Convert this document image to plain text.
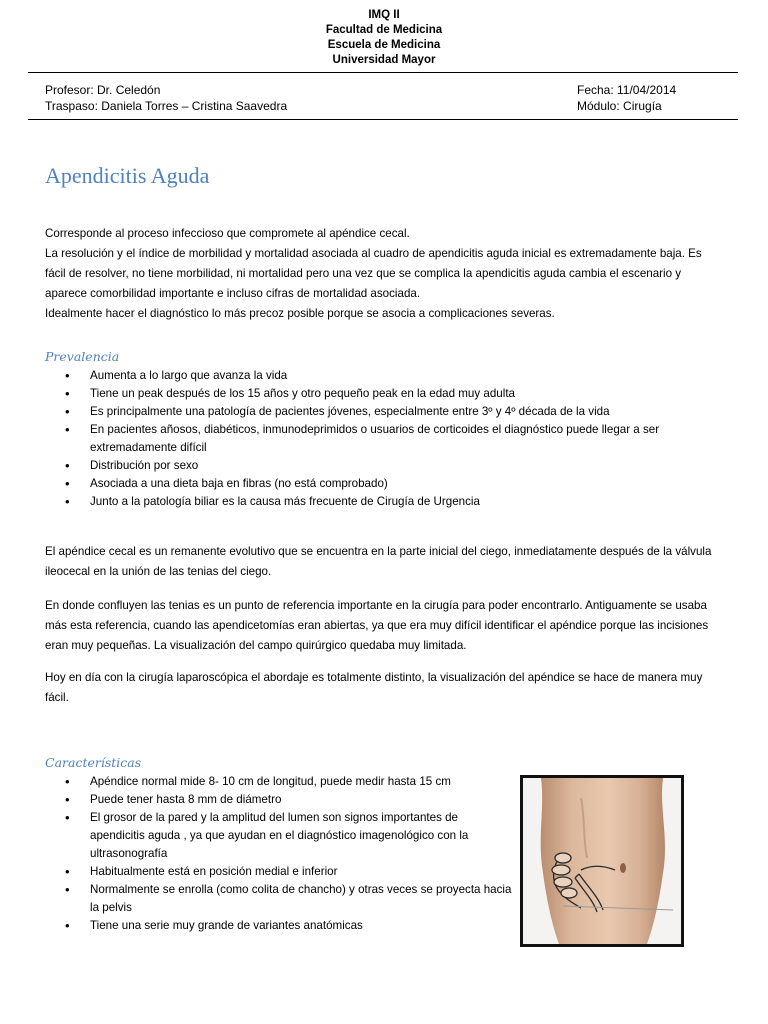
IMQ II
Facultad de Medicina
Escuela de Medicina
Universidad Mayor
Profesor: Dr. Celedón
Traspaso: Daniela Torres – Cristina Saavedra
Fecha: 11/04/2014
Módulo: Cirugía
Apendicitis Aguda

Corresponde al proceso infeccioso que compromete al apéndice cecal.

La resolución y el índice de morbilidad y mortalidad asociada al cuadro de apendicitis aguda inicial es extremadamente baja. Es fácil de resolver, no tiene morbilidad, ni mortalidad pero una vez que se complica la apendicitis aguda cambia el escenario y aparece comorbilidad importante e incluso cifras de mortalidad asociada.

Idealmente hacer el diagnóstico lo más precoz posible porque se asocia a complicaciones severas.

Prevalencia
• Aumenta a lo largo que avanza la vida
• Tiene un peak después de los 15 años y otro pequeño peak en la edad muy adulta
• Es principalmente una patología de pacientes jóvenes, especialmente entre 3º y 4º década de la vida
• En pacientes añosos, diabéticos, inmunodeprimidos o usuarios de corticoides el diagnóstico puede llegar a ser extremadamente difícil
• Distribución por sexo
• Asociada a una dieta baja en fibras (no está comprobado)
• Junto a la patología biliar es la causa más frecuente de Cirugía de Urgencia
El apéndice cecal es un remanente evolutivo que se encuentra en la parte inicial del ciego, inmediatamente después de la válvula ileocecal en la unión de las tenias del ciego.
En donde confluyen las tenias es un punto de referencia importante en la cirugía para poder encontrarlo. Antiguamente se usaba más esta referencia, cuando las apendicetomías eran abiertas, ya que era muy difícil identificar el apéndice porque las incisiones eran muy pequeñas. La visualización del campo quirúrgico quedaba muy limitada.
Hoy en día con la cirugía laparoscópica el abordaje es totalmente distinto, la visualización del apéndice se hace de manera muy fácil.
Características
• Apéndice normal mide 8- 10 cm de longitud, puede medir hasta 15 cm
• Puede tener hasta 8 mm de diámetro
• El grosor de la pared y la amplitud del lumen son signos importantes de apendicitis aguda , ya que ayudan en el diagnóstico imagenológico con la ultrasonografía
• Habitualmente está en posición medial e inferior
• Normalmente se enrolla (como colita de chancho) y otras veces se proyecta hacia la pelvis
• Tiene una serie muy grande de variantes anatómicas
